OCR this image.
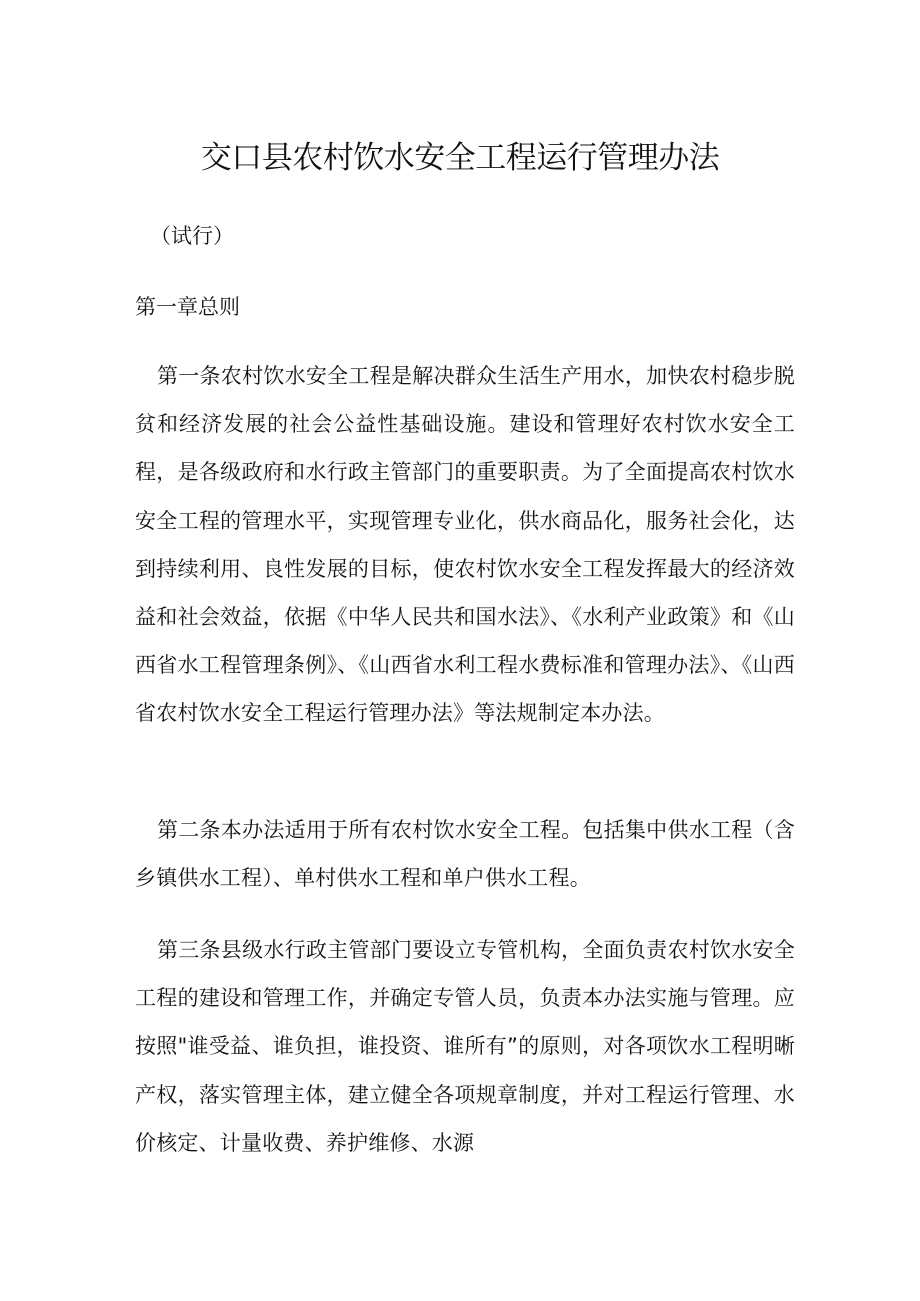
交口县农村饮水安全工程运行管理办法
（试行）
第一章总则
第一条农村饮水安全工程是解决群众生活生产用水，加快农村稳步脱贫和经济发展的社会公益性基础设施。建设和管理好农村饮水安全工程，是各级政府和水行政主管部门的重要职责。为了全面提高农村饮水安全工程的管理水平，实现管理专业化，供水商品化，服务社会化，达到持续利用、良性发展的目标，使农村饮水安全工程发挥最大的经济效益和社会效益，依据《中华人民共和国水法》、《水利产业政策》和《山西省水工程管理条例》、《山西省水利工程水费标准和管理办法》、《山西省农村饮水安全工程运行管理办法》等法规制定本办法。
第二条本办法适用于所有农村饮水安全工程。包括集中供水工程（含乡镇供水工程）、单村供水工程和单户供水工程。
第三条县级水行政主管部门要设立专管机构，全面负责农村饮水安全工程的建设和管理工作，并确定专管人员，负责本办法实施与管理。应按照"谁受益、谁负担，谁投资、谁所有”的原则，对各项饮水工程明晰产权，落实管理主体，建立健全各项规章制度，并对工程运行管理、水价核定、计量收费、养护维修、水源
